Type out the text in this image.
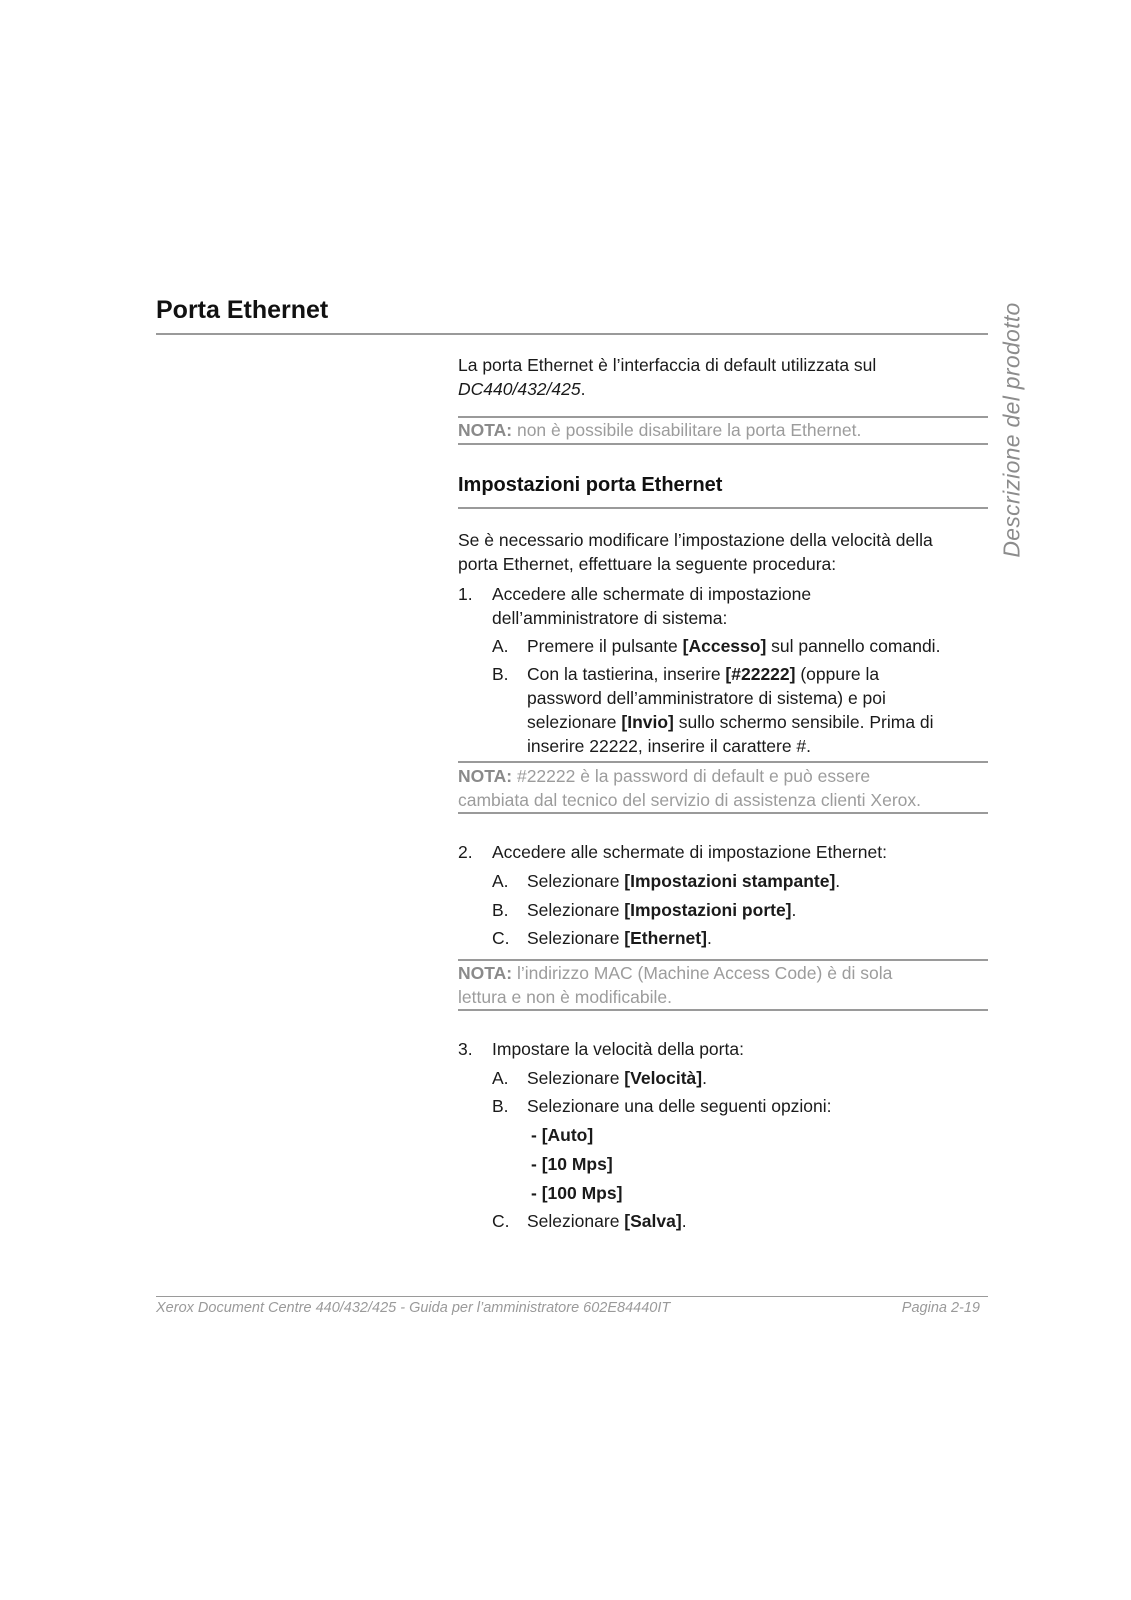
Porta Ethernet	Descrizione del prodotto
La porta Ethernet è l’interfaccia di default utilizzata sul
DC440/432/425.
NOTA: non è possibile disabilitare la porta Ethernet.
Impostazioni porta Ethernet
Se è necessario modificare l’impostazione della velocità della
porta Ethernet, effettuare la seguente procedura:
1. Accedere alle schermate di impostazione
dell’amministratore di sistema:
A. Premere il pulsante [Accesso] sul pannello comandi.
B. Con la tastierina, inserire [#22222] (oppure la
password dell’amministratore di sistema) e poi
selezionare [Invio] sullo schermo sensibile. Prima di
inserire 22222, inserire il carattere #.
NOTA: #22222 è la password di default e può essere
cambiata dal tecnico del servizio di assistenza clienti Xerox.
2. Accedere alle schermate di impostazione Ethernet:
A. Selezionare [Impostazioni stampante].
B. Selezionare [Impostazioni porte].
C. Selezionare [Ethernet].
NOTA: l’indirizzo MAC (Machine Access Code) è di sola
lettura e non è modificabile.
3. Impostare la velocità della porta:
A. Selezionare [Velocità].
B. Selezionare una delle seguenti opzioni:
- [Auto]
- [10 Mps]
- [100 Mps]
C. Selezionare [Salva].
Xerox Document Centre 440/432/425 - Guida per l’amministratore 602E84440IT	Pagina 2-19
